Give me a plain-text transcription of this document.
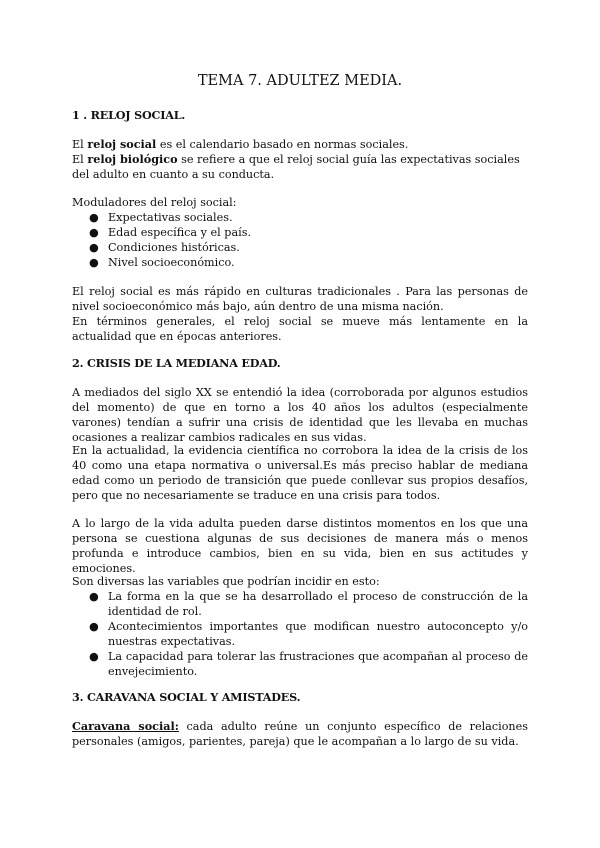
TEMA 7. ADULTEZ MEDIA.
1 . RELOJ SOCIAL.

El reloj social es el calendario basado en normas sociales.

El reloj biológico se refiere a que el reloj social guía las expectativas sociales del adulto en cuanto a su conducta.

Moduladores del reloj social:
● Expectativas sociales.
● Edad específica y el país.
● Condiciones históricas.
● Nivel socioeconómico.

El reloj social es más rápido en culturas tradicionales . Para las personas de nivel socioeconómico más bajo, aún dentro de una misma nación.

En términos generales, el reloj social se mueve más lentamente en la actualidad que en épocas anteriores.

2. CRISIS DE LA MEDIANA EDAD.

A mediados del siglo XX se entendió la idea (corroborada por algunos estudios del momento) de que en torno a los 40 años los adultos (especialmente varones) tendían a sufrir una crisis de identidad que les llevaba en muchas ocasiones a realizar cambios radicales en sus vidas.

En la actualidad, la evidencia científica no corrobora la idea de la crisis de los 40 como una etapa normativa o universal.Es más preciso hablar de mediana edad como un periodo de transición que puede conllevar sus propios desafíos, pero que no necesariamente se traduce en una crisis para todos.

A lo largo de la vida adulta pueden darse distintos momentos en los que una persona se cuestiona algunas de sus decisiones de manera más o menos profunda e introduce cambios, bien en su vida, bien en sus actitudes y emociones.

Son diversas las variables que podrían incidir en esto:
● La forma en la que se ha desarrollado el proceso de construcción de la identidad de rol.
● Acontecimientos importantes que modifican nuestro autoconcepto y/o nuestras expectativas.
● La capacidad para tolerar las frustraciones que acompañan al proceso de envejecimiento.
3. CARAVANA SOCIAL Y AMISTADES.

Caravana social: cada adulto reúne un conjunto específico de relaciones personales (amigos, parientes, pareja) que le acompañan a lo largo de su vida.
